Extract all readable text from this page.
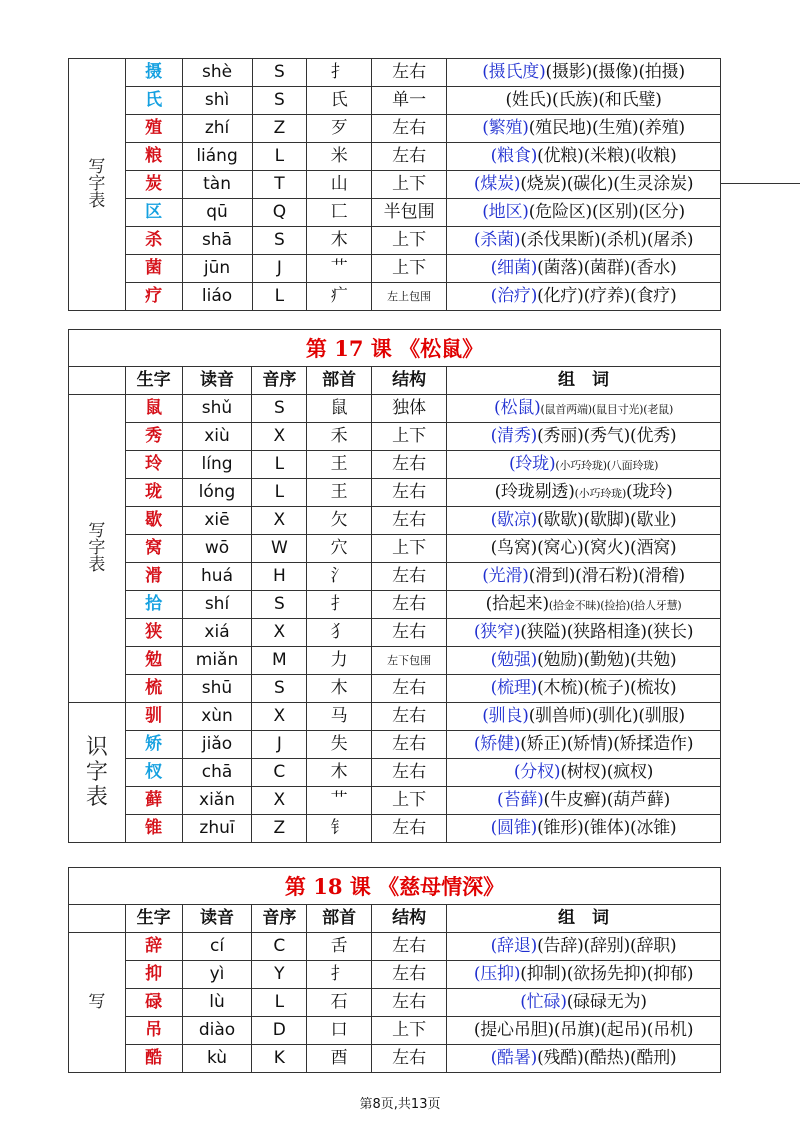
写
字
表	摄	shè	S	扌	左右	(摄氏度)(摄影)(摄像)(拍摄)
	氏	shì	S	氏	单一	(姓氏)(氏族)(和氏璧)
	殖	zhí	Z	歹	左右	(繁殖)(殖民地)(生殖)(养殖)
	粮	liáng	L	米	左右	(粮食)(优粮)(米粮)(收粮)
	炭	tàn	T	山	上下	(煤炭)(烧炭)(碳化)(生灵涂炭)
	区	qū	Q	匸	半包围	(地区)(危险区)(区别)(区分)
	杀	shā	S	木	上下	(杀菌)(杀伐果断)(杀机)(屠杀)
	菌	jūn	J	艹	上下	(细菌)(菌落)(菌群)(香水)
	疗	liáo	L	疒	左上包围	(治疗)(化疗)(疗养)(食疗)
第 17 课 《松鼠》						
	生字	读音	音序	部首	结构	组　词
写
字
表	鼠	shǔ	S	鼠	独体	(松鼠)(鼠首两端)(鼠目寸光)(老鼠)
	秀	xiù	X	禾	上下	(清秀)(秀丽)(秀气)(优秀)
	玲	líng	L	王	左右	(玲珑)(小巧玲珑)(八面玲珑)
	珑	lóng	L	王	左右	(玲珑剔透)(小巧玲珑)(珑玲)
	歇	xiē	X	欠	左右	(歇凉)(歇歇)(歇脚)(歇业)
	窝	wō	W	穴	上下	(鸟窝)(窝心)(窝火)(酒窝)
	滑	huá	H	氵	左右	(光滑)(滑到)(滑石粉)(滑稽)
	拾	shí	S	扌	左右	(拾起来)(拾金不昧)(捡拾)(拾人牙慧)
	狭	xiá	X	犭	左右	(狭窄)(狭隘)(狭路相逢)(狭长)
	勉	miǎn	M	力	左下包围	(勉强)(勉励)(勤勉)(共勉)
	梳	shū	S	木	左右	(梳理)(木梳)(梳子)(梳妆)
识
字
表	驯	xùn	X	马	左右	(驯良)(驯兽师)(驯化)(驯服)
	矫	jiǎo	J	失	左右	(矫健)(矫正)(矫情)(矫揉造作)
	杈	chā	C	木	左右	(分杈)(树杈)(疯杈)
	藓	xiǎn	X	艹	上下	(苔藓)(牛皮癣)(葫芦藓)
	锥	zhuī	Z	钅	左右	(圆锥)(锥形)(锥体)(冰锥)
第 18 课 《慈母情深》						
	生字	读音	音序	部首	结构	组　词
写	辞	cí	C	舌	左右	(辞退)(告辞)(辞别)(辞职)
	抑	yì	Y	扌	左右	(压抑)(抑制)(欲扬先抑)(抑郁)
	碌	lù	L	石	左右	(忙碌)(碌碌无为)
	吊	diào	D	口	上下	(提心吊胆)(吊旗)(起吊)(吊机)
	酷	kù	K	酉	左右	(酷暑)(残酷)(酷热)(酷刑)
第8页,共13页
